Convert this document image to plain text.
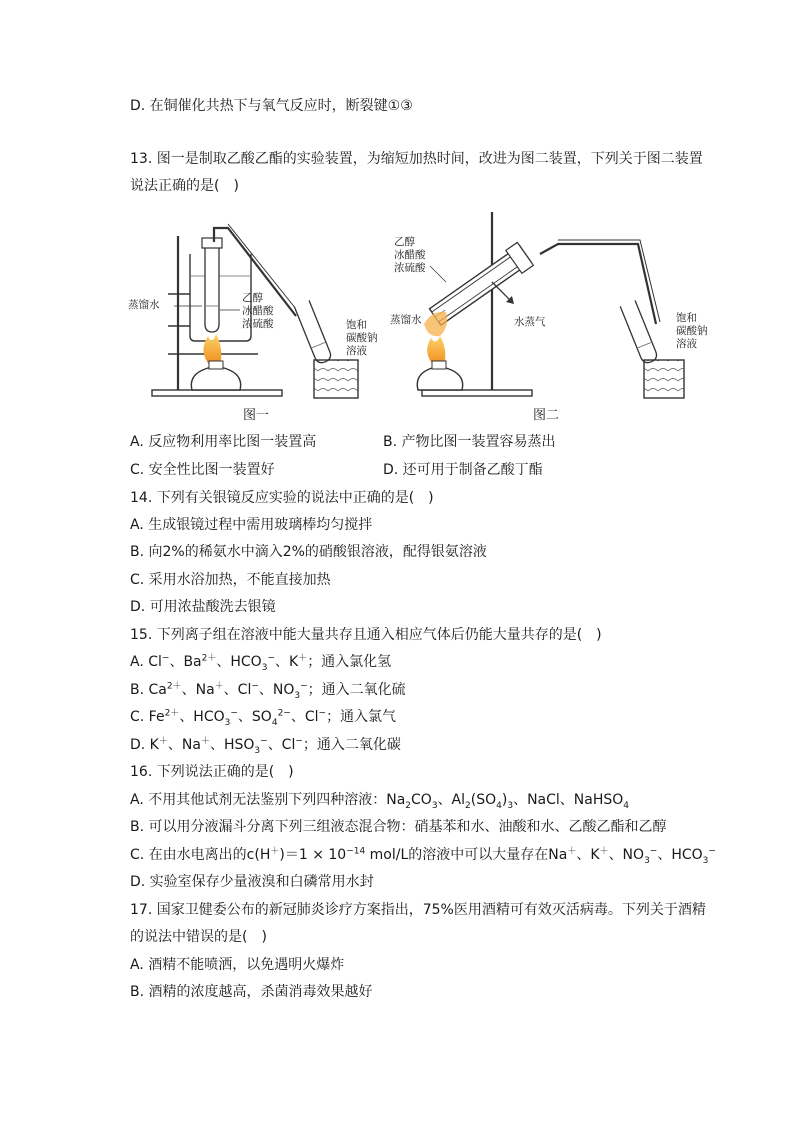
D. 在铜催化共热下与氧气反应时，断裂键①③
13. 图一是制取乙酸乙酯的实验装置，为缩短加热时间，改进为图二装置，下列关于图二装置
说法正确的是(　)
蒸馏水
乙醇
冰醋酸
浓硫酸	饱和
碳酸钠
溶液
图一
乙醇
冰醋酸
浓硫酸
蒸馏水	水蒸气	饱和
碳酸钠
溶液
图二
A. 反应物利用率比图一装置高	B. 产物比图一装置容易蒸出
C. 安全性比图一装置好	D. 还可用于制备乙酸丁酯
14. 下列有关银镜反应实验的说法中正确的是(　)
A. 生成银镜过程中需用玻璃棒均匀搅拌
B. 向2%的稀氨水中滴入2%的硝酸银溶液，配得银氨溶液
C. 采用水浴加热，不能直接加热
D. 可用浓盐酸洗去银镜
15. 下列离子组在溶液中能大量共存且通入相应气体后仍能大量共存的是(　)
A. Cl−、$Ba^{2+}$、$HCO_3^-$、K＋；通入氯化氢
B. $Ca^{2+}$、Na＋、Cl−、$NO_3^-$；通入二氧化硫
C. $Fe^{2+}$、$HCO_3^-$、$SO_4^{2-}$、Cl−；通入氯气
D. K＋、Na＋、$HSO_3^-$、Cl−；通入二氧化碳
16. 下列说法正确的是(　)
A. 不用其他试剂无法鉴别下列四种溶液：$Na_2CO_3$、$Al_2(SO_4)_3$、NaCl、NaHSO$_4$
B. 可以用分液漏斗分离下列三组液态混合物：硝基苯和水、油酸和水、乙酸乙酯和乙醇
C. 在由水电离出的$c(H^+)=1 \times 10^{-14}$ mol/L的溶液中可以大量存在Na＋、K＋、$NO_3^-$、$HCO_3^-$
D. 实验室保存少量液溴和白磷常用水封
17. 国家卫健委公布的新冠肺炎诊疗方案指出，75%医用酒精可有效灭活病毒。下列关于酒精
的说法中错误的是(　)
A. 酒精不能喷洒，以免遇明火爆炸
B. 酒精的浓度越高，杀菌消毒效果越好
